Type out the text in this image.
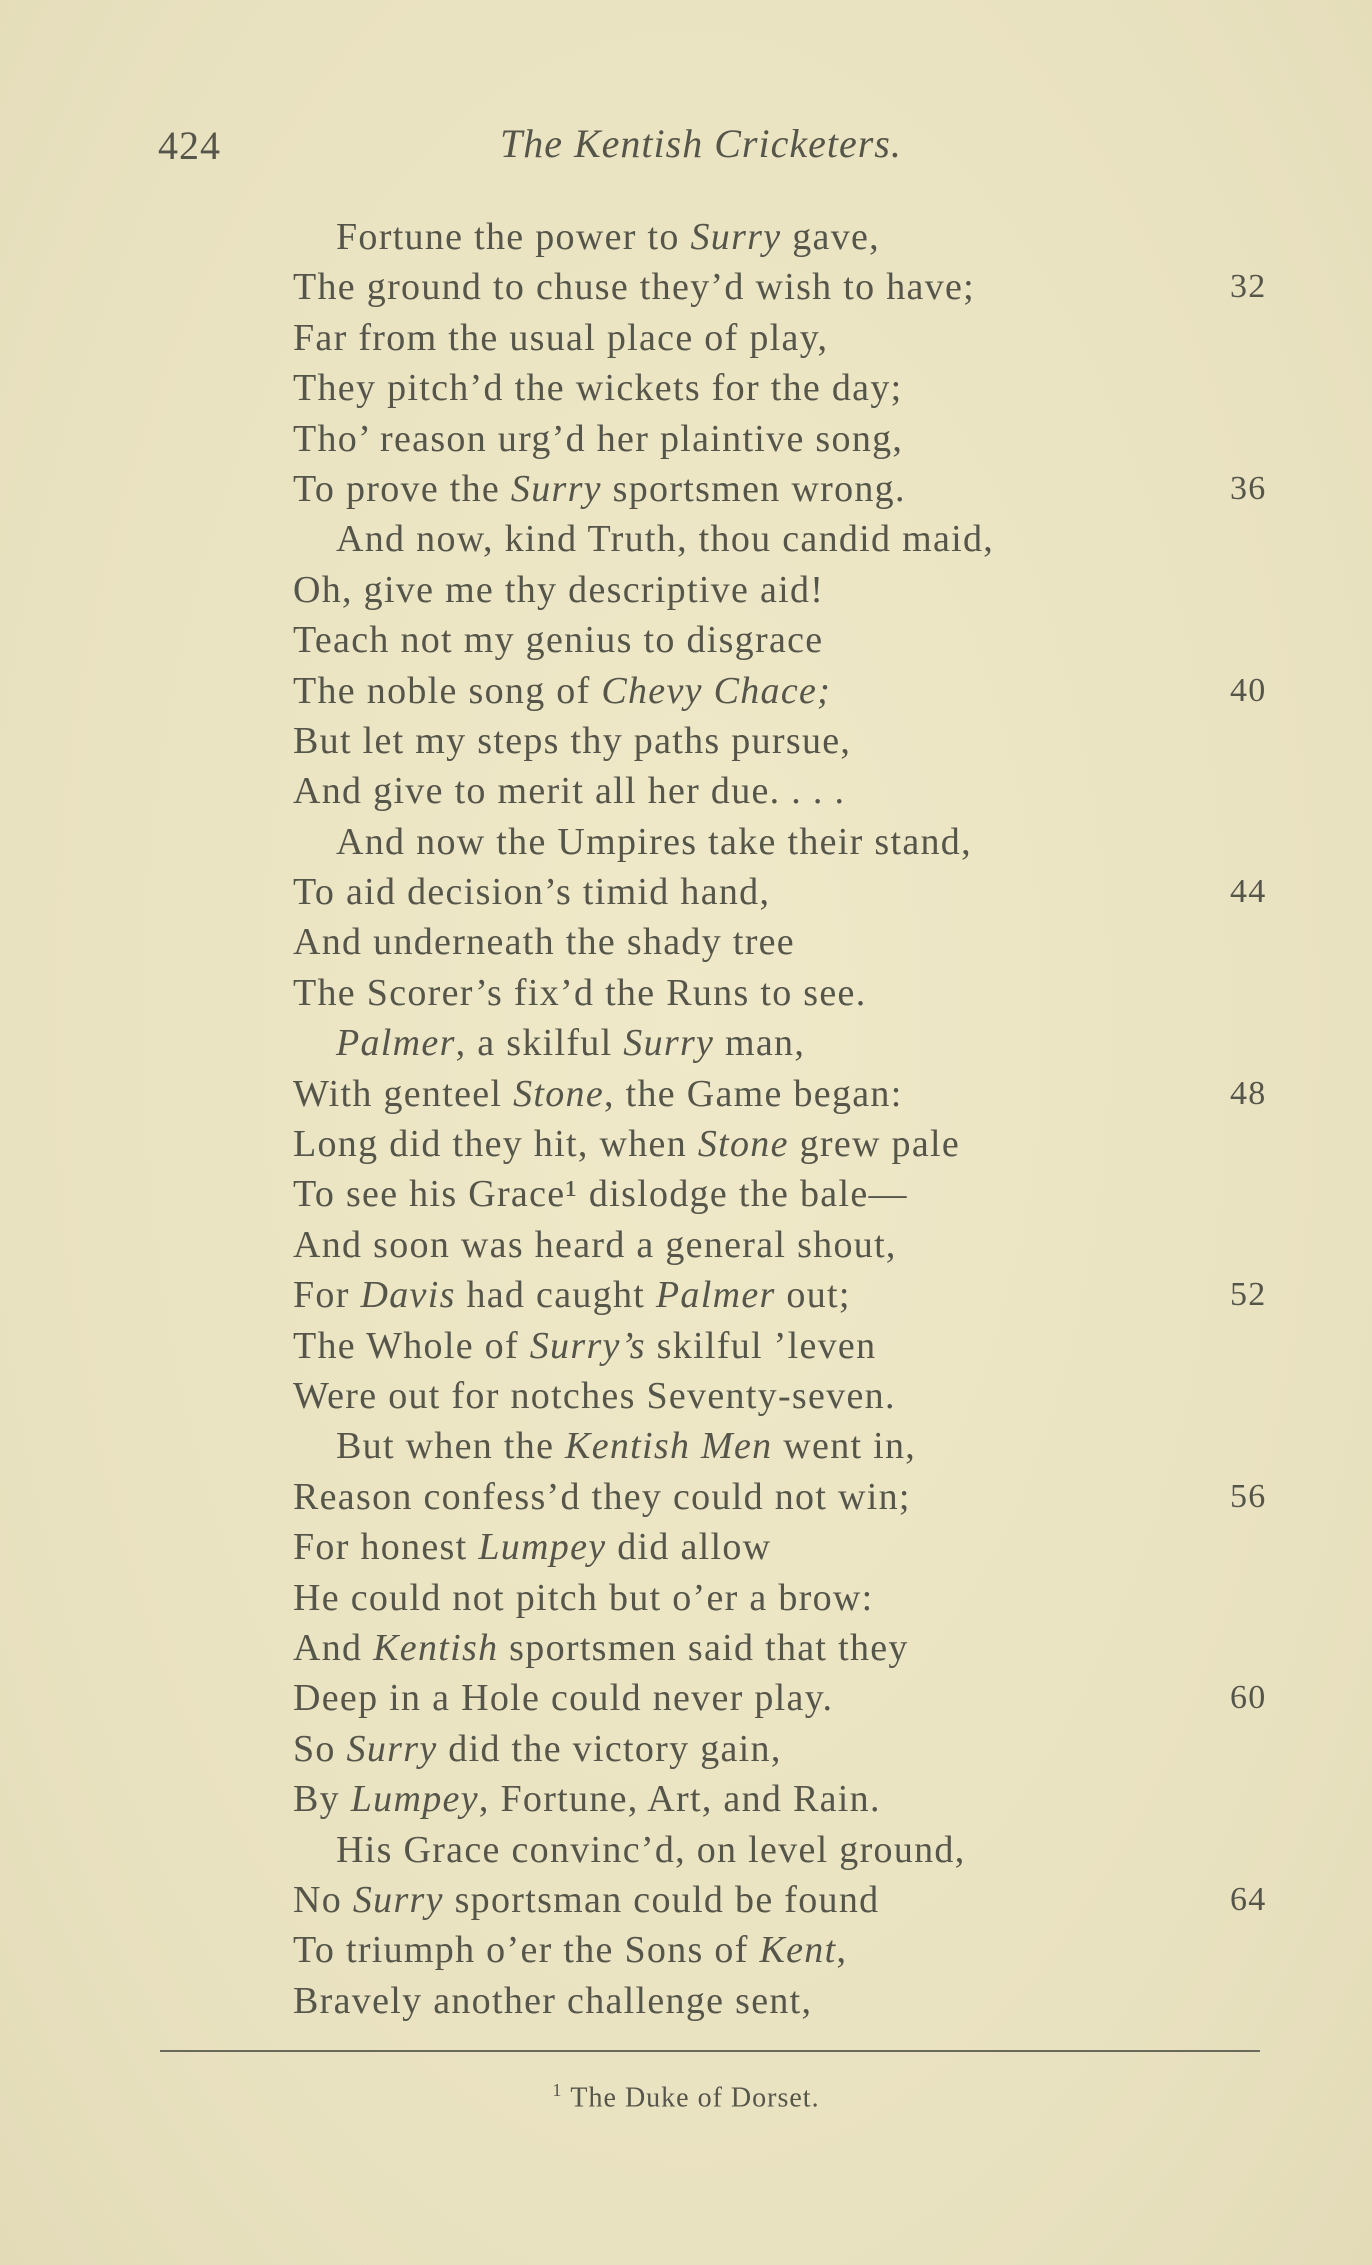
424	The Kentish Cricketers.
Fortune the power to Surry gave,
The ground to chuse they’d wish to have;	32
Far from the usual place of play,
They pitch’d the wickets for the day;
Tho’ reason urg’d her plaintive song,
To prove the Surry sportsmen wrong.	36
And now, kind Truth, thou candid maid,
Oh, give me thy descriptive aid!
Teach not my genius to disgrace
The noble song of Chevy Chace;	40
But let my steps thy paths pursue,
And give to merit all her due. . . .
And now the Umpires take their stand,
To aid decision’s timid hand,	44
And underneath the shady tree
The Scorer’s fix’d the Runs to see.
Palmer, a skilful Surry man,
With genteel Stone, the Game began:	48
Long did they hit, when Stone grew pale
To see his Grace¹ dislodge the bale—
And soon was heard a general shout,
For Davis had caught Palmer out;	52
The Whole of Surry’s skilful ’leven
Were out for notches Seventy-seven.
But when the Kentish Men went in,
Reason confess’d they could not win;	56
For honest Lumpey did allow
He could not pitch but o’er a brow:
And Kentish sportsmen said that they
Deep in a Hole could never play.	60
So Surry did the victory gain,
By Lumpey, Fortune, Art, and Rain.
His Grace convinc’d, on level ground,
No Surry sportsman could be found	64
To triumph o’er the Sons of Kent,
Bravely another challenge sent,
$^1$ The Duke of Dorset.
